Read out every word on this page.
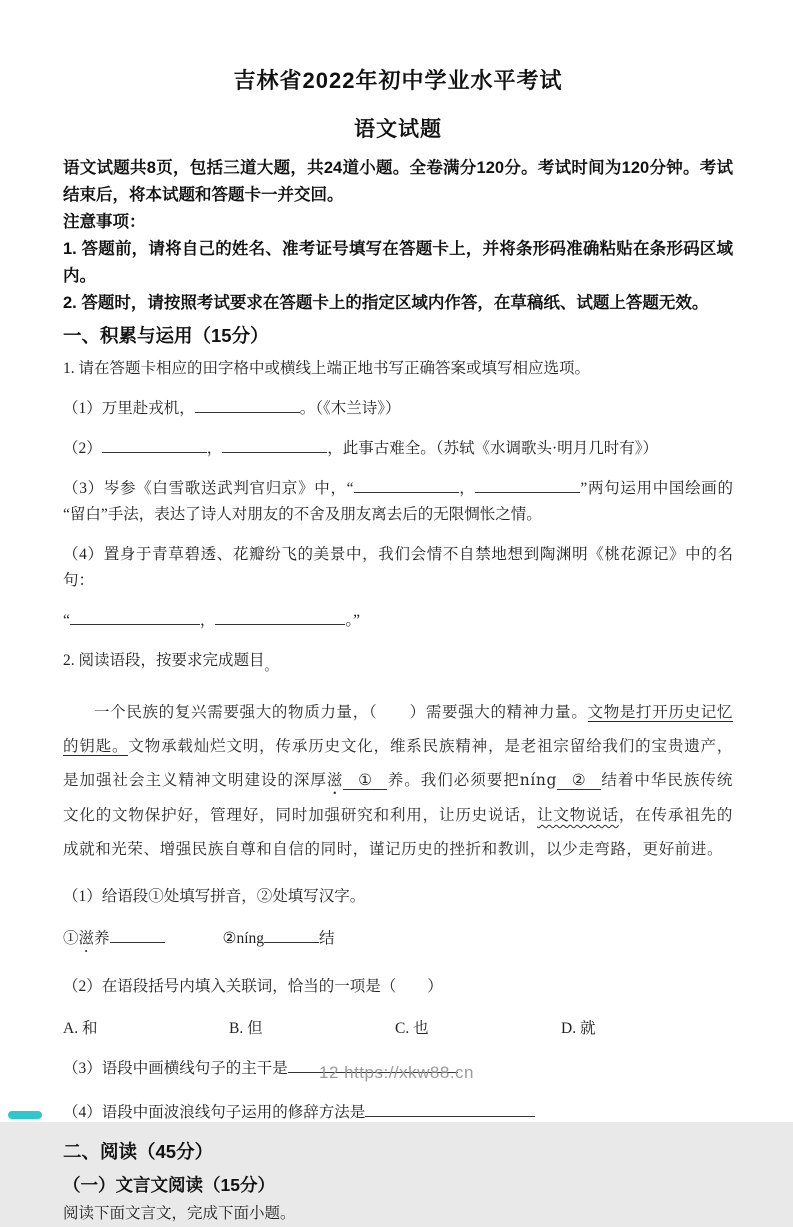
吉林省2022年初中学业水平考试
语文试题
语文试题共8页，包括三道大题，共24道小题。全卷满分120分。考试时间为120分钟。考试结束后，将本试题和答题卡一并交回。
注意事项：
1. 答题前，请将自己的姓名、准考证号填写在答题卡上，并将条形码准确粘贴在条形码区域内。
2. 答题时，请按照考试要求在答题卡上的指定区域内作答，在草稿纸、试题上答题无效。
一、积累与运用（15分）
1. 请在答题卡相应的田字格中或横线上端正地书写正确答案或填写相应选项。
（1）万里赴戎机，	。（《木兰诗》）
（2）	，	，此事古难全。（苏轼《水调歌头·明月几时有》）
（3）岑参《白雪歌送武判官归京》中，“	，	”两句运用中国绘画的“留白”手法，表达了诗人对朋友的不舍及朋友离去后的无限惆怅之情。
（4）置身于青草碧透、花瓣纷飞的美景中，我们会情不自禁地想到陶渊明《桃花源记》中的名句：
“	，	。”
2. 阅读语段，按要求完成题目$_。$
一个民族的复兴需要强大的物质力量，（　　）需要强大的精神力量。文物是打开历史记忆的钥匙。文物承载灿烂文明，传承历史文化，维系民族精神，是老祖宗留给我们的宝贵遗产，是加强社会主义精神文明建设的深厚滋 ① 养。我们必须要把níng ② 结着中华民族传统文化的文物保护好，管理好，同时加强研究和利用，让历史说话，让文物说话，在传承祖先的成就和光荣、增强民族自尊和自信的同时，谨记历史的挫折和教训，以少走弯路，更好前进。
（1）给语段①处填写拼音，②处填写汉字。
①滋养	②níng	结
（2）在语段括号内填入关联词，恰当的一项是（　　）
A. 和	B. 但	C. 也	D. 就
（3）语段中画横线句子的主干是
（4）语段中面波浪线句子运用的修辞方法是
二、阅读（45分）
（一）文言文阅读（15分）
阅读下面文言文，完成下面小题。
12 https://xkw88.cn
